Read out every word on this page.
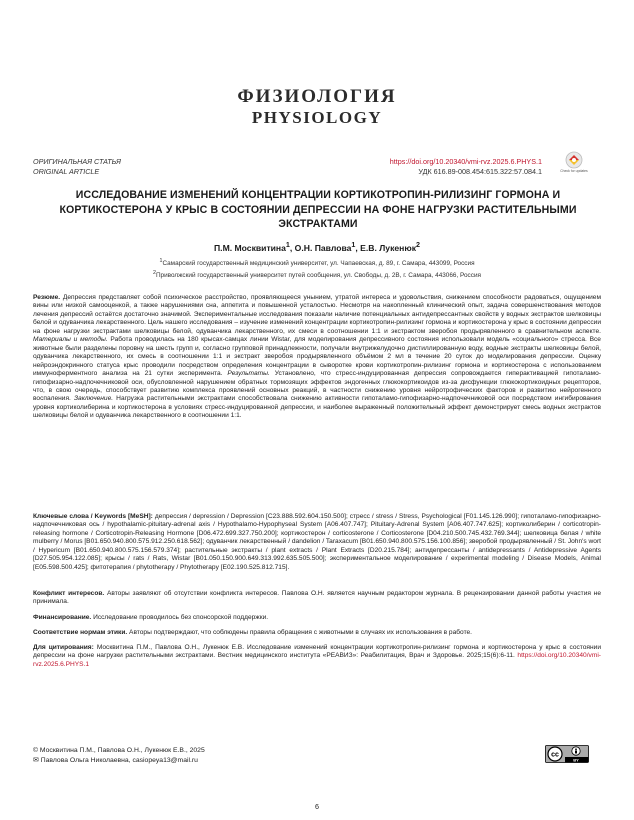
ФИЗИОЛОГИЯ
PHYSIOLOGY
ОРИГИНАЛЬНАЯ СТАТЬЯ
ORIGINAL ARTICLE
https://doi.org/10.20340/vmi-rvz.2025.6.PHYS.1
УДК 616.89-008.454:615.322:57.084.1	Check for updates
ИССЛЕДОВАНИЕ ИЗМЕНЕНИЙ КОНЦЕНТРАЦИИ КОРТИКОТРОПИН-РИЛИЗИНГ ГОРМОНА И КОРТИКОСТЕРОНА У КРЫС В СОСТОЯНИИ ДЕПРЕССИИ НА ФОНЕ НАГРУЗКИ РАСТИТЕЛЬНЫМИ ЭКСТРАКТАМИ
П.М. Москвитина$^1$, О.Н. Павлова$^1$, Е.В. Лукенюк$^2$
$^1$Самарский государственный медицинский университет, ул. Чапаевская, д. 89, г. Самара, 443099, Россия
$^2$Приволжский государственный университет путей сообщения, ул. Свободы, д. 2В, г. Самара, 443066, Россия
Резюме. Депрессия представляет собой психическое расстройство, проявляющееся унынием, утратой интереса и удовольствия, снижением способности радоваться, ощущением вины или низкой самооценкой, а также нарушениями сна, аппетита и повышенной усталостью. Несмотря на накопленный клинический опыт, задача совершенствования методов лечения депрессий остаётся достаточно значимой. Экспериментальные исследования показали наличие потенциальных антидепрессантных свойств у водных экстрактов шелковицы белой и одуванчика лекарственного. Цель нашего исследования – изучение изменений концентрации кортикотропин-рилизинг гормона и кортикостерона у крыс в состоянии депрессии на фоне нагрузки экстрактами шелковицы белой, одуванчика лекарственного, их смеси в соотношении 1:1 и экстрактом зверобоя продырявленного в сравнительном аспекте. Материалы и методы. Работа проводилась на 180 крысах-самцах линии Wistar, для моделирования депрессивного состояния использовали модель «социального» стресса. Все животные были разделены поровну на шесть групп и, согласно групповой принадлежности, получали внутрижелудочно дистиллированную воду, водные экстракты шелковицы белой, одуванчика лекарственного, их смесь в соотношении 1:1 и экстракт зверобоя продырявленного объёмом 2 мл в течение 20 суток до моделирования депрессии. Оценку нейроэндокринного статуса крыс проводили посредством определения концентрации в сыворотке крови кортикотропин-рилизинг гормона и кортикостерона с использованием иммуноферментного анализа на 21 сутки эксперимента. Результаты. Установлено, что стресс-индуцированная депрессия сопровождается гиперактивацией гипоталамо-гипофизарно-надпочечниковой оси, обусловленной нарушением обратных тормозящих эффектов эндогенных глюкокортикоидов из-за дисфункции глюкокортикоидных рецепторов, что, в свою очередь, способствует развитию комплекса проявлений основных реакций, в частности снижению уровня нейротрофических факторов и развитию нейрогенного воспаления. Заключение. Нагрузка растительными экстрактами способствовала снижению активности гипоталамо-гипофизарно-надпочечниковой оси посредством ингибирования уровня кортиколиберина и кортикостерона в условиях стресс-индуцированной депрессии, и наиболее выраженный положительный эффект демонстрирует смесь водных экстрактов шелковицы белой и одуванчика лекарственного в соотношении 1:1.
Ключевые слова / Keywords [MeSH]: депрессия / depression / Depression [C23.888.592.604.150.500]; стресс / stress / Stress, Psychological [F01.145.126.990]; гипоталамо-гипофизарно-надпочечниковая ось / hypothalamic-pituitary-adrenal axis / Hypothalamo-Hypophyseal System [A06.407.747]; Pituitary-Adrenal System [A06.407.747.625]; кортиколиберин / corticotropin-releasing hormone / Corticotropin-Releasing Hormone [D06.472.699.327.750.200]; кортикостерон / corticosterone / Corticosterone [D04.210.500.745.432.769.344]; шелковица белая / white mulberry / Morus [B01.650.940.800.575.912.250.618.562]; одуванчик лекарственный / dandelion / Taraxacum [B01.650.940.800.575.156.100.856]; зверобой продырявленный / St. John's wort / Hypericum [B01.650.940.800.575.156.579.374]; растительные экстракты / plant extracts / Plant Extracts [D20.215.784]; антидепрессанты / antidepressants / Antidepressive Agents [D27.505.954.122.085]; крысы / rats / Rats, Wistar [B01.050.150.900.649.313.992.635.505.500]; экспериментальное моделирование / experimental modeling / Disease Models, Animal [E05.598.500.425]; фитотерапия / phytotherapy / Phytotherapy [E02.190.525.812.715].
Конфликт интересов. Авторы заявляют об отсутствии конфликта интересов. Павлова О.Н. является научным редактором журнала. В рецензировании данной работы участия не принимала.
Финансирование. Исследование проводилось без спонсорской поддержки.
Соответствие нормам этики. Авторы подтверждают, что соблюдены правила обращения с животными в случаях их использования в работе.
Для цитирования: Москвитина П.М., Павлова О.Н., Лукенюк Е.В. Исследование изменений концентрации кортикотропин-рилизинг гормона и кортикостерона у крыс в состоянии депрессии на фоне нагрузки растительными экстрактами. Вестник медицинского института «РЕАВИЗ»: Реабилитация, Врач и Здоровье. 2025;15(6):6-11. https://doi.org/10.20340/vmi-rvz.2025.6.PHYS.1
© Москвитина П.М., Павлова О.Н., Лукенюк Е.В., 2025
✉ Павлова Ольга Николаевна, casiopeya13@mail.ru
cc
BY
6
